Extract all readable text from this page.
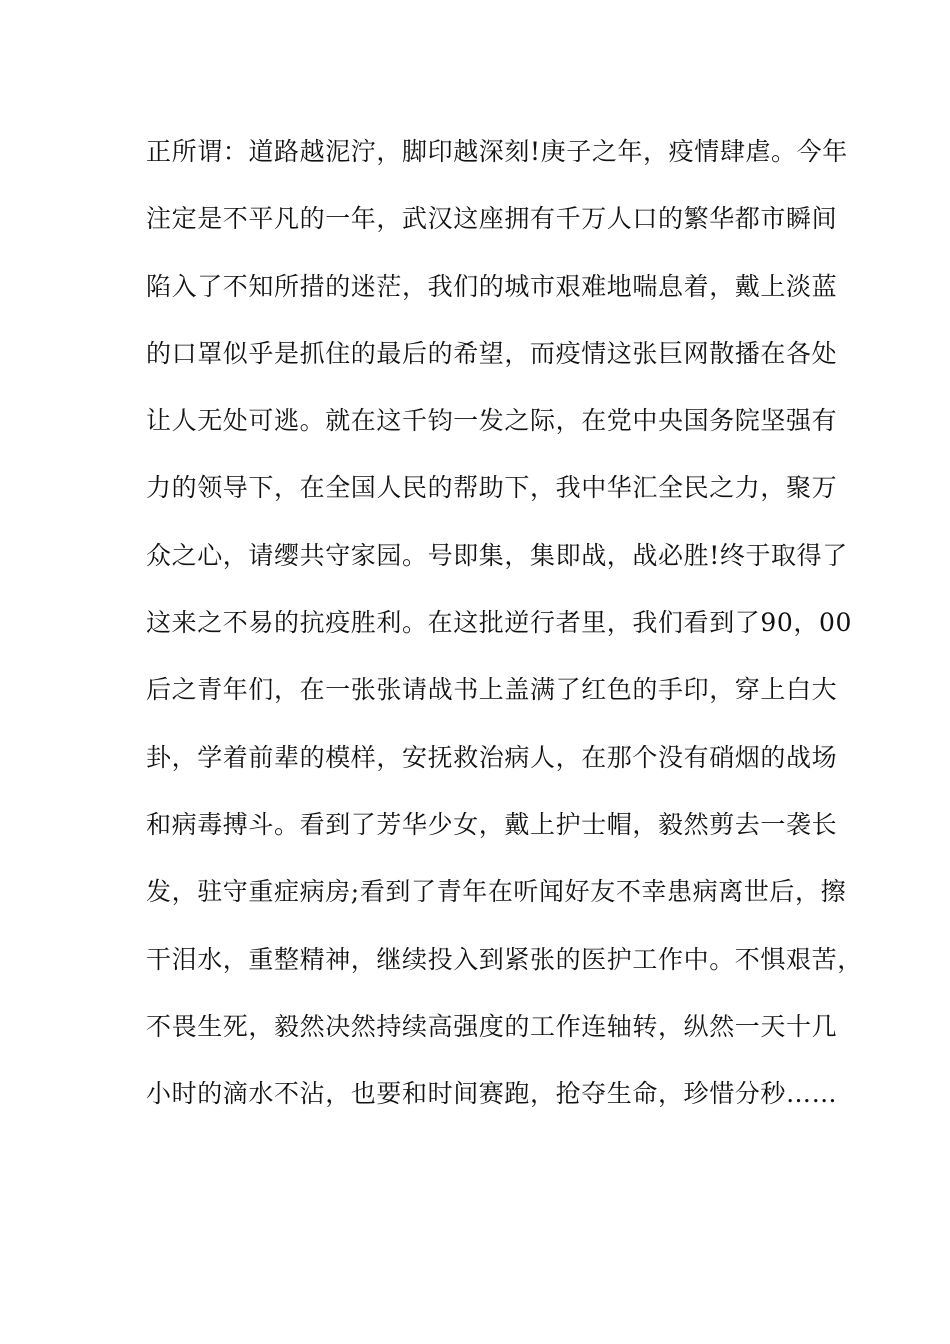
正所谓：道路越泥泞，脚印越深刻!庚子之年，疫情肆虐。今年
注定是不平凡的一年，武汉这座拥有千万人口的繁华都市瞬间
陷入了不知所措的迷茫，我们的城市艰难地喘息着，戴上淡蓝
的口罩似乎是抓住的最后的希望，而疫情这张巨网散播在各处
让人无处可逃。就在这千钧一发之际，在党中央国务院坚强有
力的领导下，在全国人民的帮助下，我中华汇全民之力，聚万
众之心，请缨共守家园。号即集，集即战，战必胜!终于取得了
这来之不易的抗疫胜利。在这批逆行者里，我们看到了90，00
后之青年们，在一张张请战书上盖满了红色的手印，穿上白大
卦，学着前辈的模样，安抚救治病人，在那个没有硝烟的战场
和病毒搏斗。看到了芳华少女，戴上护士帽，毅然剪去一袭长
发，驻守重症病房;看到了青年在听闻好友不幸患病离世后，擦
干泪水，重整精神，继续投入到紧张的医护工作中。不惧艰苦，
不畏生死，毅然决然持续高强度的工作连轴转，纵然一天十几
小时的滴水不沾，也要和时间赛跑，抢夺生命，珍惜分秒……
